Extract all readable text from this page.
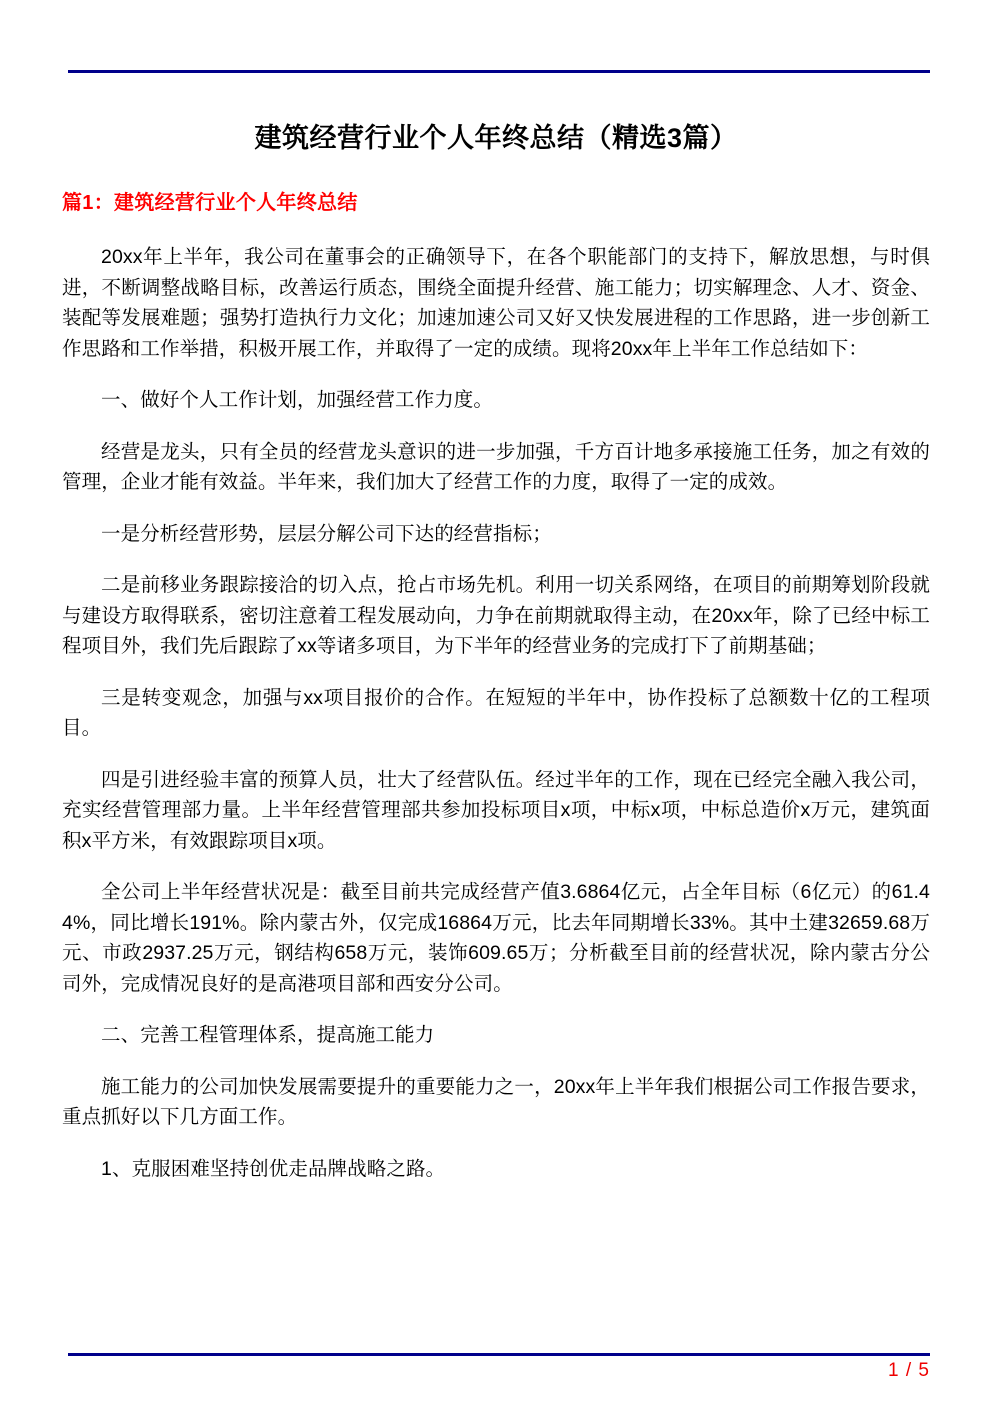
建筑经营行业个人年终总结（精选3篇）
篇1：建筑经营行业个人年终总结

20xx年上半年，我公司在董事会的正确领导下，在各个职能部门的支持下，解放思想，与时俱进，不断调整战略目标，改善运行质态，围绕全面提升经营、施工能力；切实解理念、人才、资金、装配等发展难题；强势打造执行力文化；加速加速公司又好又快发展进程的工作思路，进一步创新工作思路和工作举措，积极开展工作，并取得了一定的成绩。现将20xx年上半年工作总结如下：

一、做好个人工作计划，加强经营工作力度。

经营是龙头，只有全员的经营龙头意识的进一步加强，千方百计地多承接施工任务，加之有效的管理，企业才能有效益。半年来，我们加大了经营工作的力度，取得了一定的成效。

一是分析经营形势，层层分解公司下达的经营指标；

二是前移业务跟踪接洽的切入点，抢占市场先机。利用一切关系网络，在项目的前期筹划阶段就与建设方取得联系，密切注意着工程发展动向，力争在前期就取得主动，在20xx年，除了已经中标工程项目外，我们先后跟踪了xx等诸多项目，为下半年的经营业务的完成打下了前期基础；

三是转变观念，加强与xx项目报价的合作。在短短的半年中，协作投标了总额数十亿的工程项目。

四是引进经验丰富的预算人员，壮大了经营队伍。经过半年的工作，现在已经完全融入我公司，充实经营管理部力量。上半年经营管理部共参加投标项目x项，中标x项，中标总造价x万元，建筑面积x平方米，有效跟踪项目x项。

全公司上半年经营状况是：截至目前共完成经营产值3.6864亿元，占全年目标（6亿元）的61.44%，同比增长191%。除内蒙古外，仅完成16864万元，比去年同期增长33%。其中土建32659.68万元、市政2937.25万元，钢结构658万元，装饰609.65万；分析截至目前的经营状况，除内蒙古分公司外，完成情况良好的是高港项目部和西安分公司。

二、完善工程管理体系，提高施工能力

施工能力的公司加快发展需要提升的重要能力之一，20xx年上半年我们根据公司工作报告要求，重点抓好以下几方面工作。

1、克服困难坚持创优走品牌战略之路。

1 / 5
